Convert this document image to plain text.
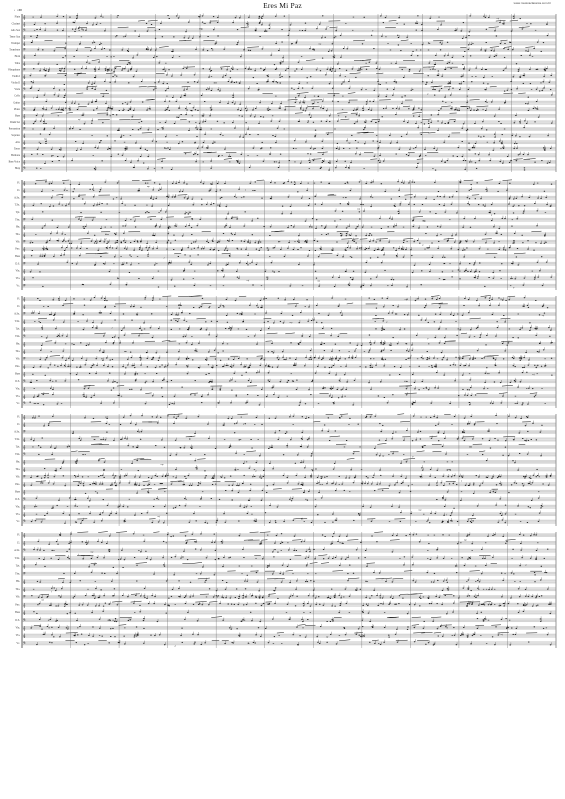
Eres Mi Paz	www.musicaclassica.com.br
♩=68
Flute 𝄞
Clarinet 𝄞
Alto Sax 𝄢
Tenor Sax 𝄞
Trumpet 𝄞
Trombone 𝄢
Horn 𝄞
Tuba 𝄞
Vibraphone 𝄢
Violin I 𝄞
Violin II 𝄞
Viola 𝄢
Cello 𝄞
Guitar 𝄞
Piano 𝄢
Bass 𝄞
Drum Set 𝄞
Percussion 𝄢
Soprano 𝄞
Alto 𝄞
Tenor 𝄢
Baritone 𝄞
Bass Voice 𝄞
Harp 𝄢
mf
p
f
mp
mf
p
f
mp
mf
p
Fl. 𝄞
Cl. 𝄞
A.Sx. 𝄢
T.Sx. 𝄞
Tpt. 𝄞
Tbn. 𝄢
Hn. 𝄞
Tba. 𝄞
Vib. 𝄢
Pno. 𝄞
Bass 𝄞
D.S. 𝄢
Vln. 𝄞
Vla. 𝄞
Vc. 𝄢
mf
p
f
mp
mf
p
f
mp
mf
p
Fl. 𝄞
Cl. 𝄞
A.Sx. 𝄢
T.Sx. 𝄞
Tpt. 𝄞
Tbn. 𝄢
Hn. 𝄞
Tba. 𝄞
Vib. 𝄢
Pno. 𝄞
Bass 𝄞
D.S. 𝄢
Vln. 𝄞
Vla. 𝄞
Vc. 𝄢
mf
p
f
mp
mf
p
f
mp
mf
p
Fl. 𝄞
Cl. 𝄞
A.Sx. 𝄢
T.Sx. 𝄞
Tpt. 𝄞
Tbn. 𝄢
Hn. 𝄞
Tba. 𝄞
Vib. 𝄢
Pno. 𝄞
Bass 𝄞
D.S. 𝄢
Vln. 𝄞
Vla. 𝄞
Vc. 𝄢
mf
p
f
mp
mf
p
f
mp
mf
p
Fl. 𝄞
Cl. 𝄞
A.Sx. 𝄢
T.Sx. 𝄞
Tpt. 𝄞
Tbn. 𝄢
Hn. 𝄞
Tba. 𝄞
Vib. 𝄢
Pno. 𝄞
Bass 𝄞
D.S. 𝄢
Vln. 𝄞
Vla. 𝄞
Vc. 𝄢
mf
p
f
mp
mf
p
f
mp
mf
p
